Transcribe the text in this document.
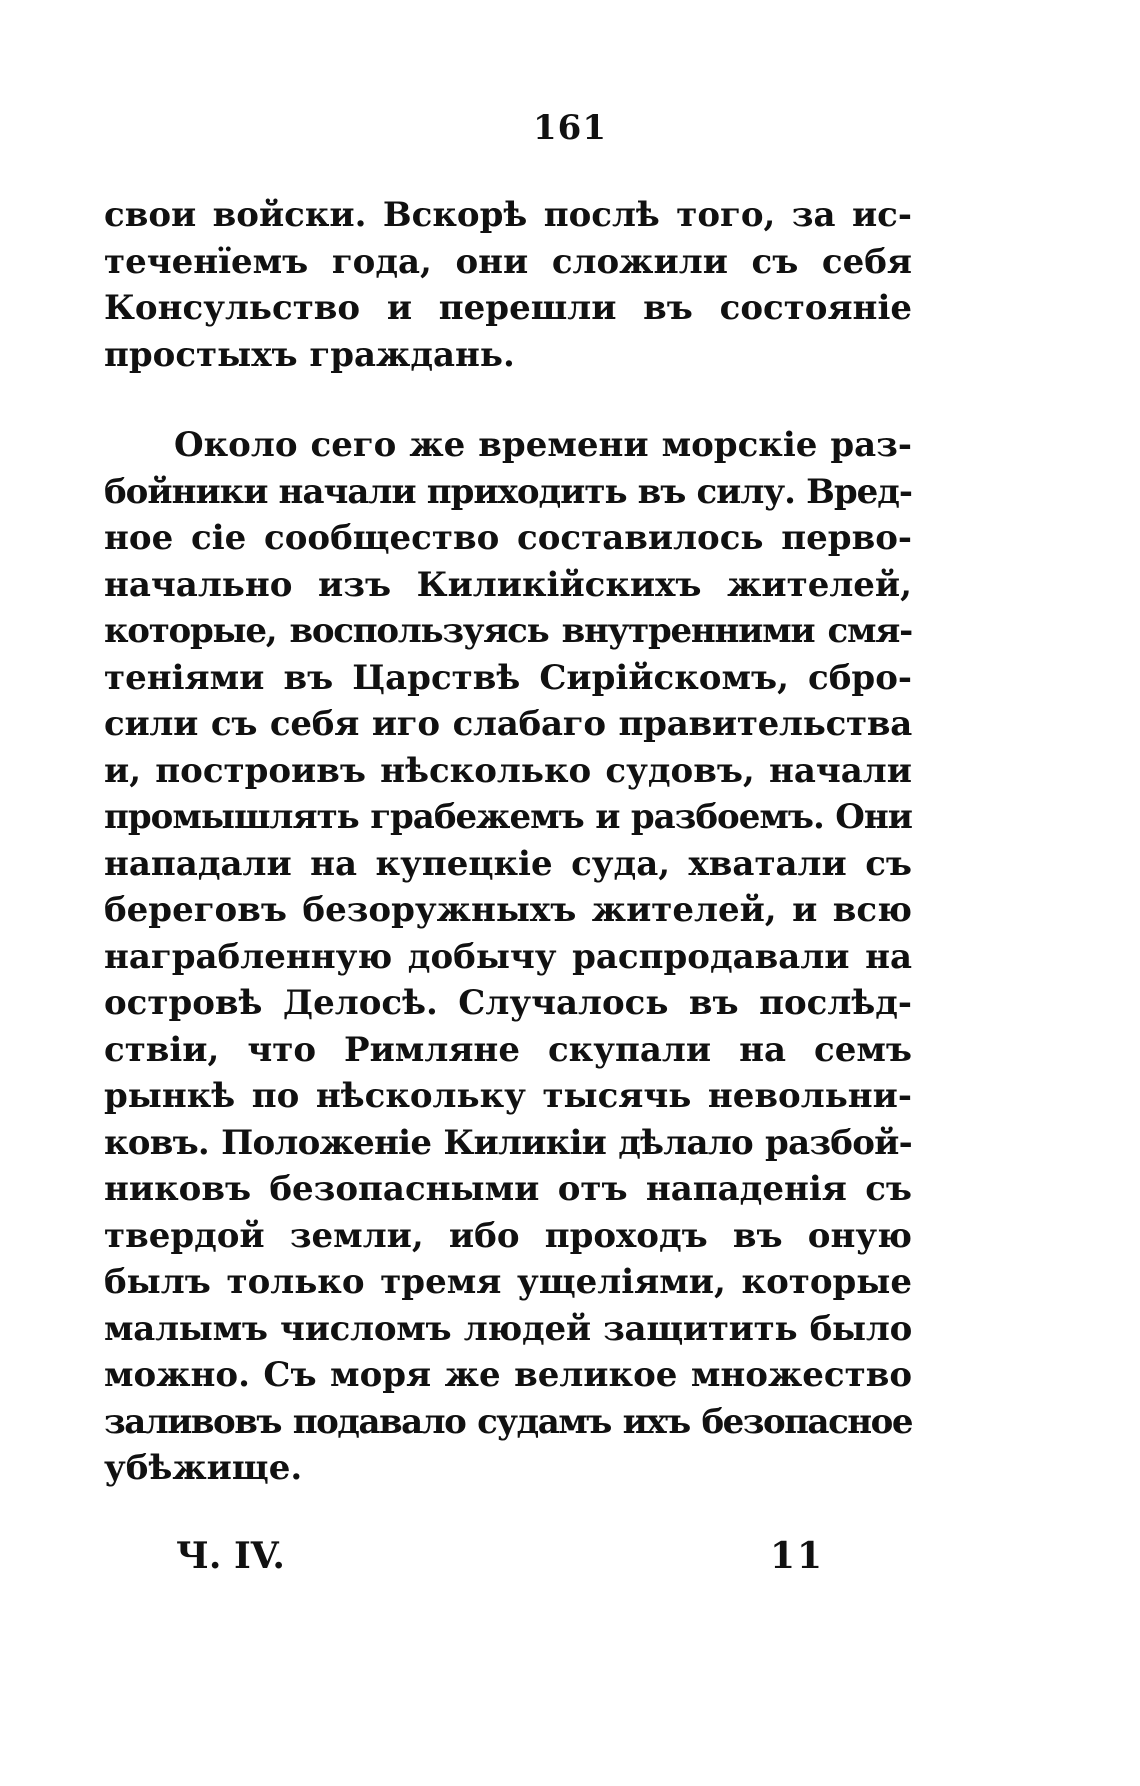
161
свои войски. Вскорѣ послѣ того, за ис-
теченїемъ года, они сложили съ себя
Консульство и перешли въ состояніе
простыхъ граждань.
Около сего же времени морскіе раз-
бойники начали приходить въ силу. Вред-
ное сіе сообщество составилось перво-
начально изъ Киликійскихъ жителей,
которые, воспользуясь внутренними смя-
теніями въ Царствѣ Сирійскомъ, сбро-
сили съ себя иго слабаго правительства
и, построивъ нѣсколько судовъ, начали
промышлять грабежемъ и разбоемъ. Они
нападали на купецкіе суда, хватали съ
береговъ безоружныхъ жителей, и всю
награбленную добычу распродавали на
островѣ Делосѣ. Случалось въ послѣд-
ствіи, что Римляне скупали на семъ
рынкѣ по нѣскольку тысячь невольни-
ковъ. Положеніе Киликіи дѣлало разбой-
никовъ безопасными отъ нападенія съ
твердой земли, ибо проходъ въ оную
былъ только тремя ущеліями, которые
малымъ числомъ людей защитить было
можно. Съ моря же великое множество
заливовъ подавало судамъ ихъ безопасное
убѣжище.
Ч. IV.	11
